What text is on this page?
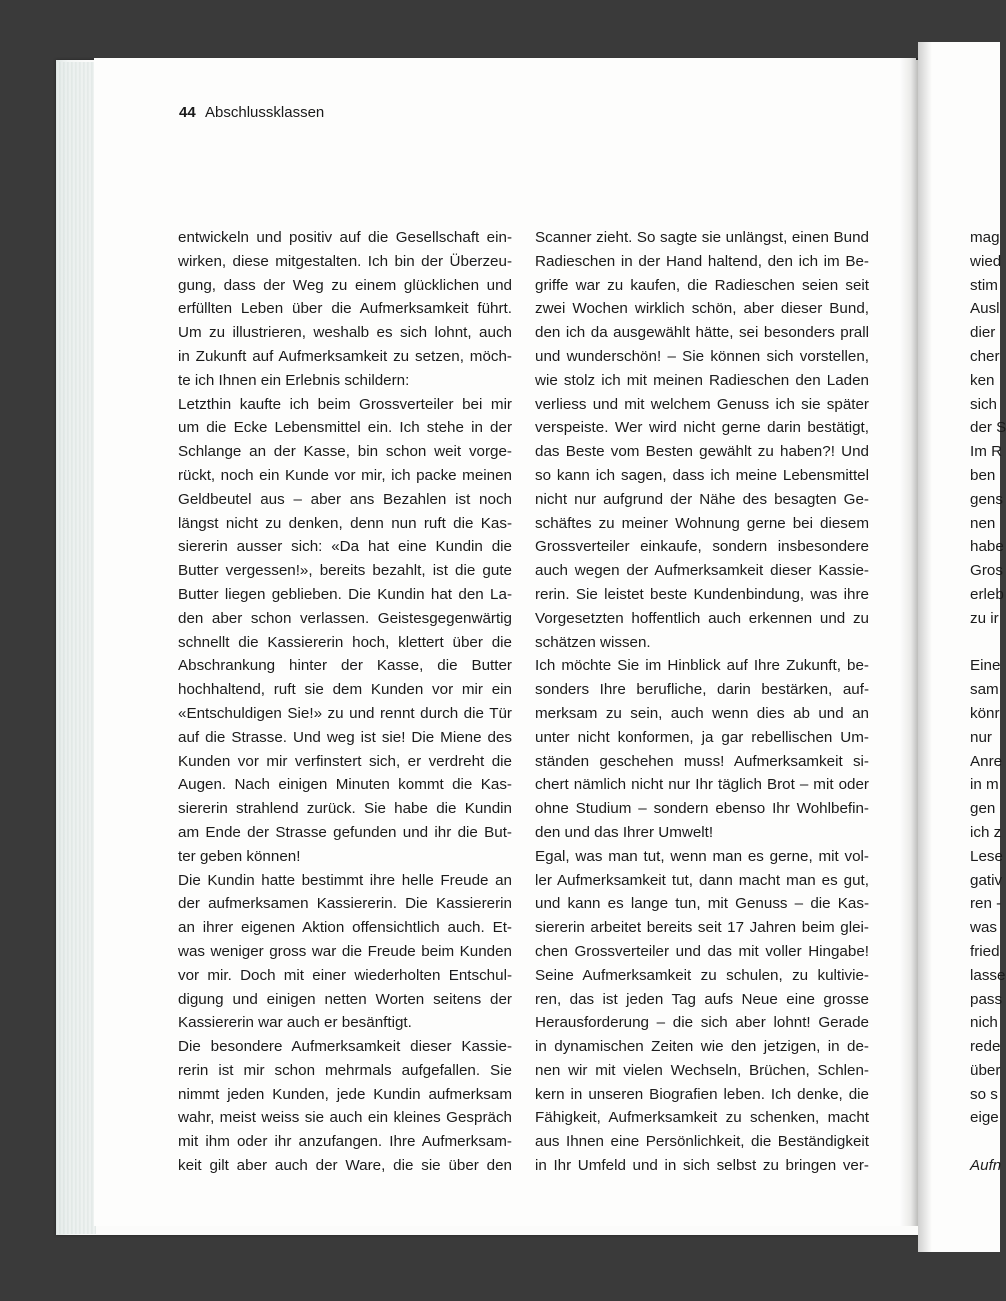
44 Abschlussklassen
entwickeln und positiv auf die Gesellschaft ein-
wirken, diese mitgestalten. Ich bin der Überzeu-
gung, dass der Weg zu einem glücklichen und
erfüllten Leben über die Aufmerksamkeit führt.
Um zu illustrieren, weshalb es sich lohnt, auch
in Zukunft auf Aufmerksamkeit zu setzen, möch-
te ich Ihnen ein Erlebnis schildern:
Letzthin kaufte ich beim Grossverteiler bei mir
um die Ecke Lebensmittel ein. Ich stehe in der
Schlange an der Kasse, bin schon weit vorge-
rückt, noch ein Kunde vor mir, ich packe meinen
Geldbeutel aus – aber ans Bezahlen ist noch
längst nicht zu denken, denn nun ruft die Kas-
siererin ausser sich: «Da hat eine Kundin die
Butter vergessen!», bereits bezahlt, ist die gute
Butter liegen geblieben. Die Kundin hat den La-
den aber schon verlassen. Geistesgegenwärtig
schnellt die Kassiererin hoch, klettert über die
Abschrankung hinter der Kasse, die Butter
hochhaltend, ruft sie dem Kunden vor mir ein
«Entschuldigen Sie!» zu und rennt durch die Tür
auf die Strasse. Und weg ist sie! Die Miene des
Kunden vor mir verfinstert sich, er verdreht die
Augen. Nach einigen Minuten kommt die Kas-
siererin strahlend zurück. Sie habe die Kundin
am Ende der Strasse gefunden und ihr die But-
ter geben können!
Die Kundin hatte bestimmt ihre helle Freude an
der aufmerksamen Kassiererin. Die Kassiererin
an ihrer eigenen Aktion offensichtlich auch. Et-
was weniger gross war die Freude beim Kunden
vor mir. Doch mit einer wiederholten Entschul-
digung und einigen netten Worten seitens der
Kassiererin war auch er besänftigt.
Die besondere Aufmerksamkeit dieser Kassie-
rerin ist mir schon mehrmals aufgefallen. Sie
nimmt jeden Kunden, jede Kundin aufmerksam
wahr, meist weiss sie auch ein kleines Gespräch
mit ihm oder ihr anzufangen. Ihre Aufmerksam-
keit gilt aber auch der Ware, die sie über den
Scanner zieht. So sagte sie unlängst, einen Bund
Radieschen in der Hand haltend, den ich im Be-
griffe war zu kaufen, die Radieschen seien seit
zwei Wochen wirklich schön, aber dieser Bund,
den ich da ausgewählt hätte, sei besonders prall
und wunderschön! – Sie können sich vorstellen,
wie stolz ich mit meinen Radieschen den Laden
verliess und mit welchem Genuss ich sie später
verspeiste. Wer wird nicht gerne darin bestätigt,
das Beste vom Besten gewählt zu haben?! Und
so kann ich sagen, dass ich meine Lebensmittel
nicht nur aufgrund der Nähe des besagten Ge-
schäftes zu meiner Wohnung gerne bei diesem
Grossverteiler einkaufe, sondern insbesondere
auch wegen der Aufmerksamkeit dieser Kassie-
rerin. Sie leistet beste Kundenbindung, was ihre
Vorgesetzten hoffentlich auch erkennen und zu
schätzen wissen.
Ich möchte Sie im Hinblick auf Ihre Zukunft, be-
sonders Ihre berufliche, darin bestärken, auf-
merksam zu sein, auch wenn dies ab und an
unter nicht konformen, ja gar rebellischen Um-
ständen geschehen muss! Aufmerksamkeit si-
chert nämlich nicht nur Ihr täglich Brot – mit oder
ohne Studium – sondern ebenso Ihr Wohlbefin-
den und das Ihrer Umwelt!
Egal, was man tut, wenn man es gerne, mit vol-
ler Aufmerksamkeit tut, dann macht man es gut,
und kann es lange tun, mit Genuss – die Kas-
siererin arbeitet bereits seit 17 Jahren beim glei-
chen Grossverteiler und das mit voller Hingabe!
Seine Aufmerksamkeit zu schulen, zu kultivie-
ren, das ist jeden Tag aufs Neue eine grosse
Herausforderung – die sich aber lohnt! Gerade
in dynamischen Zeiten wie den jetzigen, in de-
nen wir mit vielen Wechseln, Brüchen, Schlen-
kern in unseren Biografien leben. Ich denke, die
Fähigkeit, Aufmerksamkeit zu schenken, macht
aus Ihnen eine Persönlichkeit, die Beständigkeit
in Ihr Umfeld und in sich selbst zu bringen ver-
mag
wied
stim
Ausl
dier
cher
ken
sich
der S
Im R
ben
gens
nen
habe
Gros
erleb
zu ir
Eine
sam
könr
nur
Anre
in m
gen
ich z
Lese
gativ
ren -
was
fried
lasse
pass
nich
rede
über
so s
eige
Aufn
